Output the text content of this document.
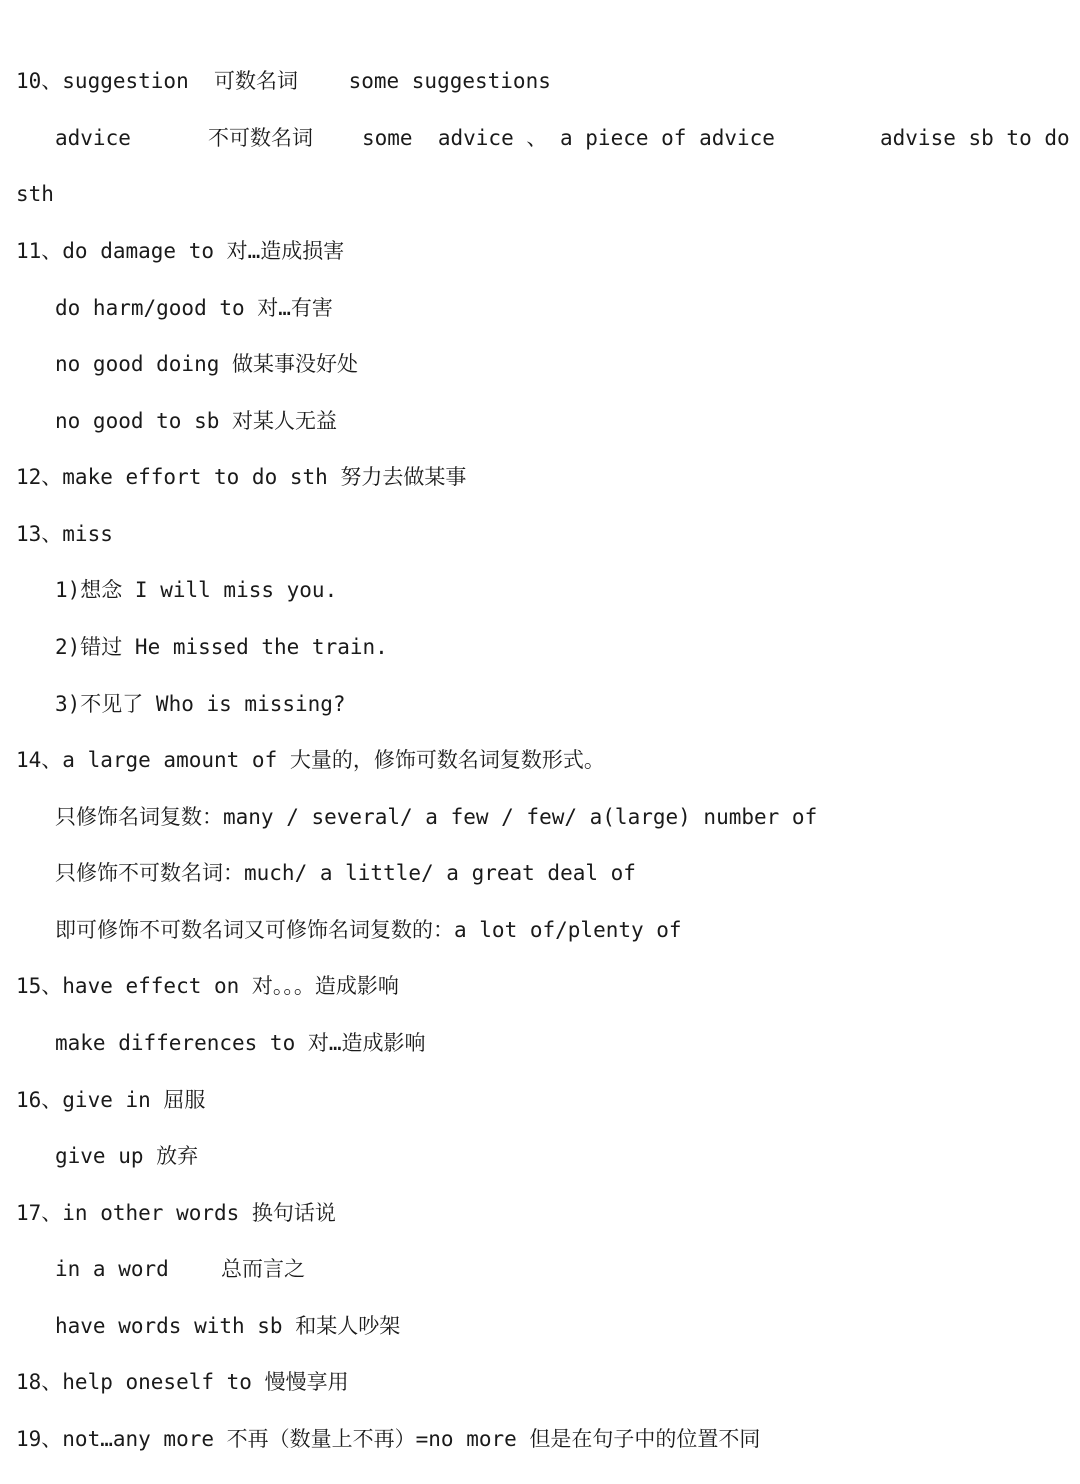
10、suggestion  可数名词    some suggestions

advice

	不可数名词

some  advice 、 a piece of advice

	advise sb to do

sth
11、do damage to 对…造成损害
do harm/good to 对…有害
no good doing 做某事没好处
no good to sb 对某人无益
12、make effort to do sth 努力去做某事
13、miss
1)想念 I will miss you.
2)错过 He missed the train.
3)不见了 Who is missing?
14、a large amount of 大量的，修饰可数名词复数形式。
只修饰名词复数：many / several/ a few / few/ a(large) number of
只修饰不可数名词：much/ a little/ a great deal of
即可修饰不可数名词又可修饰名词复数的：a lot of/plenty of
15、have effect on 对。。。造成影响
make differences to 对…造成影响
16、give in 屈服
give up 放弃
17、in other words 换句话说

in a word

总而言之

have words with sb 和某人吵架
18、help oneself to 慢慢享用
19、not…any more 不再（数量上不再）=no more 但是在句子中的位置不同
